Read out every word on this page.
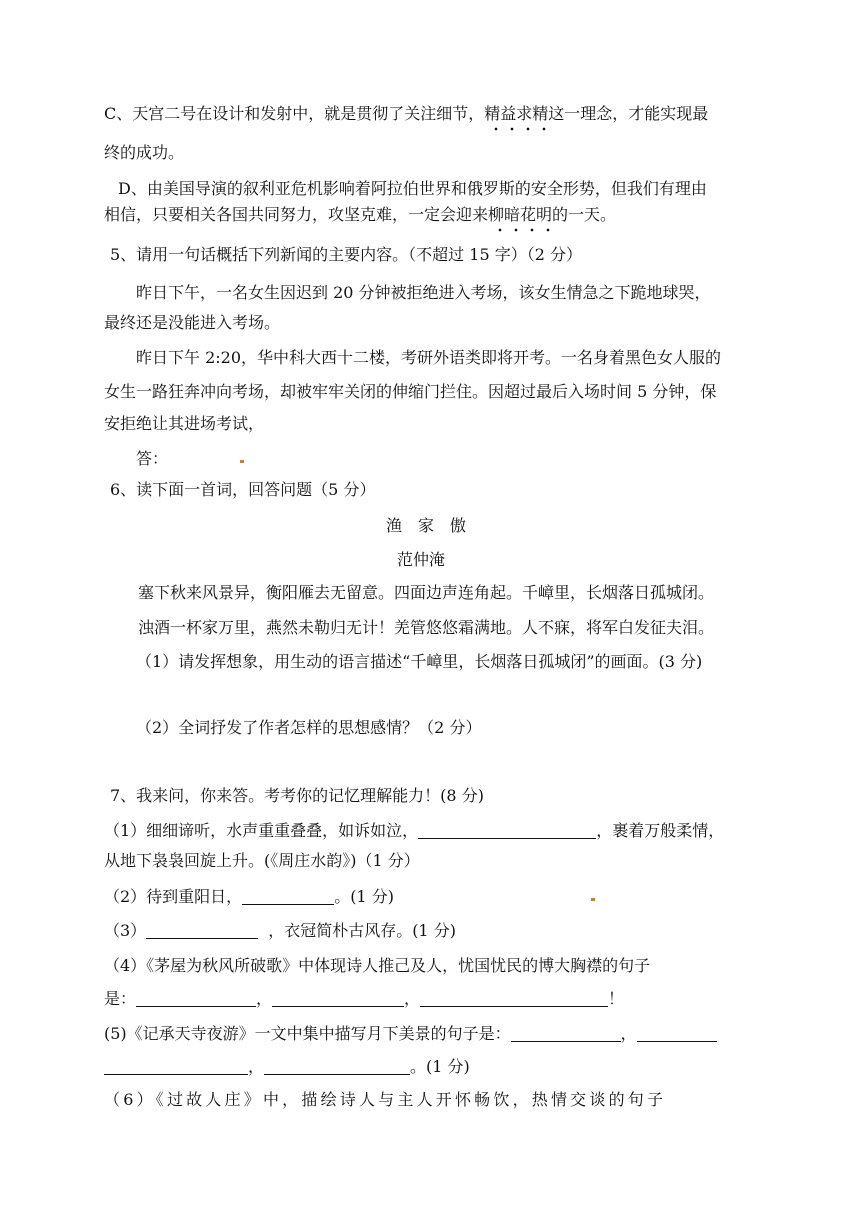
C、天宫二号在设计和发射中，就是贯彻了关注细节，精益求精这一理念，才能实现最
终的成功。
D、由美国导演的叙利亚危机影响着阿拉伯世界和俄罗斯的安全形势，但我们有理由
相信，只要相关各国共同努力，攻坚克难，一定会迎来柳暗花明的一天。
5、请用一句话概括下列新闻的主要内容。（不超过 15 字）（2 分）
昨日下午，一名女生因迟到 20 分钟被拒绝进入考场，该女生情急之下跪地球哭，
最终还是没能进入考场。
昨日下午 2:20，华中科大西十二楼，考研外语类即将开考。一名身着黑色女人服的
女生一路狂奔冲向考场，却被牢牢关闭的伸缩门拦住。因超过最后入场时间 5 分钟，保
安拒绝让其进场考试，
答：
6、读下面一首词，回答问题（5 分）
渔　家　傲
范仲淹
塞下秋来风景异，衡阳雁去无留意。四面边声连角起。千嶂里，长烟落日孤城闭。
浊酒一杯家万里，燕然未勒归无计！羌管悠悠霜满地。人不寐，将军白发征夫泪。
（1）请发挥想象，用生动的语言描述“千嶂里，长烟落日孤城闭”的画面。(3 分)
（2）全词抒发了作者怎样的思想感情？（2 分）
7、我来问，你来答。考考你的记忆理解能力！(8 分)
（1）细细谛听，水声重重叠叠，如诉如泣，	，裹着万般柔情，
从地下袅袅回旋上升。(《周庄水韵》)（1 分）
（2）待到重阳日，	。(1 分)
（3）	，衣冠简朴古风存。(1 分)
（4）《茅屋为秋风所破歌》中体现诗人推己及人，忧国忧民的博大胸襟的句子
是：	，	，	！
(5)《记承天寺夜游》一文中集中描写月下美景的句子是：	，
，	。(1 分)
（6）《过故人庄》中，描绘诗人与主人开怀畅饮，热情交谈的句子
